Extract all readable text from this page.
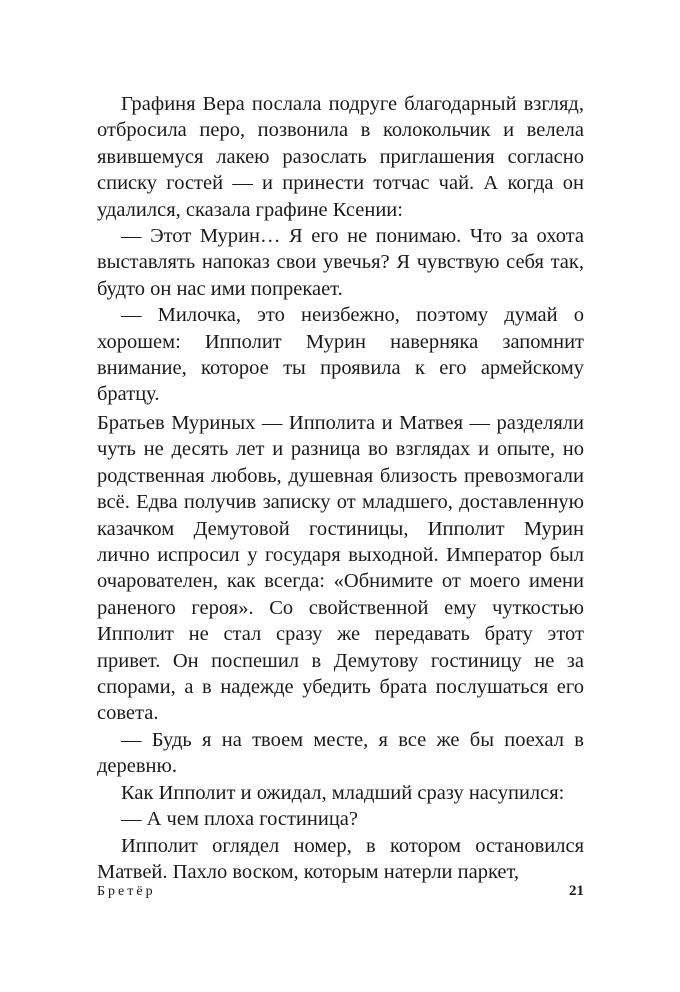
Графиня Вера послала подруге благодарный взгляд, отбросила перо, позвонила в колокольчик и велела явившемуся лакею разослать приглашения согласно списку гостей — и принести тотчас чай. А когда он удалился, сказала графине Ксении:

— Этот Мурин… Я его не понимаю. Что за охота выставлять напоказ свои увечья? Я чувствую себя так, будто он нас ими попрекает.

— Милочка, это неизбежно, поэтому думай о хорошем: Ипполит Мурин наверняка запомнит внимание, которое ты проявила к его армейскому братцу.

Братьев Муриных — Ипполита и Матвея — разделяли чуть не десять лет и разница во взглядах и опыте, но родственная любовь, душевная близость превозмогали всё. Едва получив записку от младшего, доставленную казачком Демутовой гостиницы, Ипполит Мурин лично испросил у государя выходной. Император был очарователен, как всегда: «Обнимите от моего имени раненого героя». Со свойственной ему чуткостью Ипполит не стал сразу же передавать брату этот привет. Он поспешил в Демутову гостиницу не за спорами, а в надежде убедить брата послушаться его совета.

— Будь я на твоем месте, я все же бы поехал в деревню.

Как Ипполит и ожидал, младший сразу насупился:

— А чем плоха гостиница?

Ипполит оглядел номер, в котором остановился Матвей. Пахло воском, которым натерли паркет,

Бретёр	21
